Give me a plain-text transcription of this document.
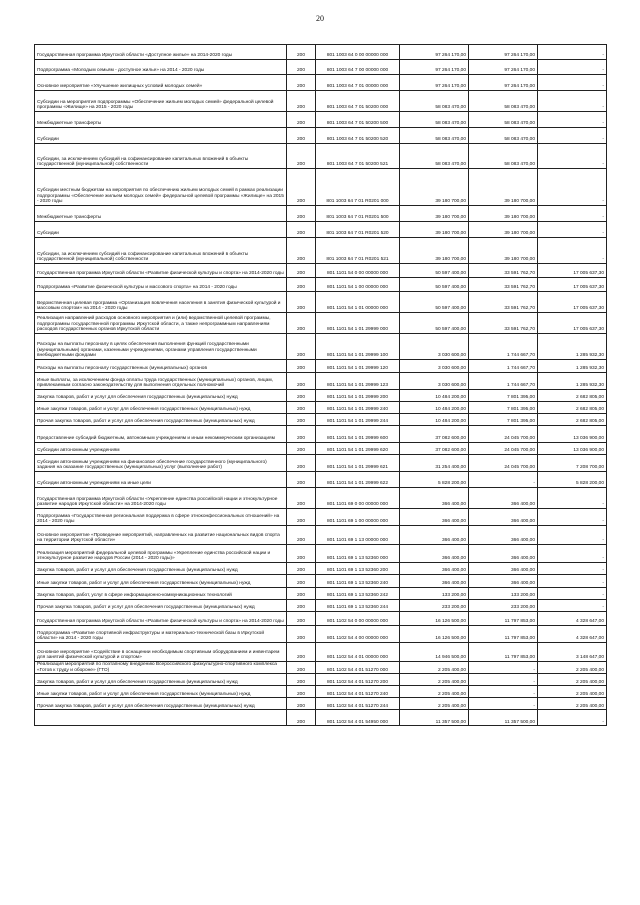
20
Государственная программа Иркутской области «Доступное жилье» на 2014-2020 годы	200	801 1003 64 0 00 00000 000	97 264 170,00	97 264 170,00	-
Подпрограмма «Молодым семьям - доступное жилье» на 2014 - 2020 годы	200	801 1003 64 7 00 00000 000	97 264 170,00	97 264 170,00	-
Основное мероприятие «Улучшение жилищных условий молодых семей»	200	801 1003 64 7 01 00000 000	97 264 170,00	97 264 170,00	-
Субсидии на мероприятия подпрограммы «Обеспечение жильем молодых семей» федеральной целевой программы «Жилище» на 2015 - 2020 годы	200	801 1003 64 7 01 50200 000	58 083 470,00	58 083 470,00	-
Межбюджетные трансферты	200	801 1003 64 7 01 50200 500	58 083 470,00	58 083 470,00	-
Субсидии	200	801 1003 64 7 01 50200 520	58 083 470,00	58 083 470,00	-
Субсидии, за исключением субсидий на софинансирование капитальных вложений в объекты государственной (муниципальной) собственности	200	801 1003 64 7 01 50200 521	58 083 470,00	58 083 470,00	-
Субсидии местным бюджетам на мероприятия по обеспечению жильем молодых семей в рамках реализации подпрограммы «Обеспечение жильем молодых семей» федеральной целевой программы «Жилище» на 2015 - 2020 годы	200	801 1003 64 7 01 R0201 000	39 180 700,00	39 180 700,00	-
Межбюджетные трансферты	200	801 1003 64 7 01 R0201 500	39 180 700,00	39 180 700,00	-
Субсидии	200	801 1003 64 7 01 R0201 520	39 180 700,00	39 180 700,00	-
Субсидии, за исключением субсидий на софинансирование капитальных вложений в объекты государственной (муниципальной) собственности	200	801 1003 64 7 01 R0201 521	39 180 700,00	39 180 700,00	-
Государственная программа Иркутской области «Развитие физической культуры и спорта» на 2014-2020 годы	200	801 1101 54 0 00 00000 000	50 597 400,00	33 591 762,70	17 005 637,30
Подпрограмма «Развитие физической культуры и массового спорта» на 2014 - 2020 годы	200	801 1101 54 1 00 00000 000	50 597 400,00	33 591 762,70	17 005 637,30
Ведомственная целевая программа «Организация вовлечения населения в занятия физической культурой и массовым спортом» на 2014 - 2020 годы	200	801 1101 54 1 01 00000 000	50 597 400,00	33 591 762,70	17 005 637,30
Реализация направлений расходов основного мероприятия и (или) ведомственной целевой программы, подпрограммы государственной программы Иркутской области, а также непрограммным направлениям расходов государственных органов Иркутской области	200	801 1101 54 1 01 29999 000	50 597 400,00	33 591 762,70	17 005 637,30
Расходы на выплаты персоналу в целях обеспечения выполнения функций государственными (муниципальными) органами, казенными учреждениями, органами управления государственными внебюджетными фондами	200	801 1101 54 1 01 29999 100	3 030 600,00	1 744 667,70	1 285 932,30
Расходы на выплаты персоналу государственных (муниципальных) органов	200	801 1101 54 1 01 29999 120	3 030 600,00	1 744 667,70	1 285 932,30
Иные выплаты, за исключением фонда оплаты труда государственных (муниципальных) органов, лицам, привлекаемым согласно законодательству для выполнения отдельных полномочий	200	801 1101 54 1 01 29999 123	3 030 600,00	1 744 667,70	1 285 932,30
Закупка товаров, работ и услуг для обеспечения государственных (муниципальных) нужд	200	801 1101 54 1 01 29999 200	10 484 200,00	7 801 395,00	2 682 805,00
Иные закупки товаров, работ и услуг для обеспечения государственных (муниципальных) нужд	200	801 1101 54 1 01 29999 240	10 484 200,00	7 801 395,00	2 682 805,00
Прочая закупка товаров, работ и услуг для обеспечения государственных (муниципальных) нужд	200	801 1101 54 1 01 29999 244	10 484 200,00	7 801 395,00	2 682 805,00
Предоставление субсидий бюджетным, автономным учреждениям и иным некоммерческим организациям	200	801 1101 54 1 01 29999 600	37 082 600,00	24 045 700,00	13 036 900,00
Субсидии автономным учреждениям	200	801 1101 54 1 01 29999 620	37 082 600,00	24 045 700,00	13 036 900,00
Субсидии автономным учреждениям на финансовое обеспечение государственного (муниципального) задания на оказание государственных (муниципальных) услуг (выполнение работ)	200	801 1101 54 1 01 29999 621	31 254 400,00	24 045 700,00	7 208 700,00
Субсидии автономным учреждениям на иные цели	200	801 1101 54 1 01 29999 622	5 828 200,00	-	5 828 200,00
Государственная программа Иркутской области «Укрепление единства российской нации и этнокультурное развитие народов Иркутской области» на 2014-2020 годы	200	801 1101 69 0 00 00000 000	366 400,00	366 400,00	-
Подпрограмма «Государственная региональная поддержка в сфере этноконфессиональных отношений» на 2014 - 2020 годы	200	801 1101 69 1 00 00000 000	366 400,00	366 400,00	-
Основное мероприятие «Проведение мероприятий, направленных на развитие национальных видов спорта на территории Иркутской области»	200	801 1101 69 1 13 00000 000	366 400,00	366 400,00	-
Реализация мероприятий федеральной целевой программы «Укрепление единства российской нации и этнокультурное развитие народов России (2014 - 2020 годы)»	200	801 1101 69 1 13 52360 000	366 400,00	366 400,00	-
Закупка товаров, работ и услуг для обеспечения государственных (муниципальных) нужд	200	801 1101 69 1 13 52360 200	366 400,00	366 400,00	-
Иные закупки товаров, работ и услуг для обеспечения государственных (муниципальных) нужд	200	801 1101 69 1 13 52360 240	366 400,00	366 400,00	-
Закупка товаров, работ, услуг в сфере информационно-коммуникационных технологий	200	801 1101 69 1 13 52360 242	133 200,00	133 200,00	-
Прочая закупка товаров, работ и услуг для обеспечения государственных (муниципальных) нужд	200	801 1101 69 1 13 52360 244	233 200,00	233 200,00	-
Государственная программа Иркутской области «Развитие физической культуры и спорта» на 2014-2020 годы	200	801 1102 54 0 00 00000 000	16 126 500,00	11 797 853,00	4 328 647,00
Подпрограмма «Развитие спортивной инфраструктуры и материально-технической базы в Иркутской области» на 2014 - 2020 годы	200	801 1102 54 4 00 00000 000	16 126 500,00	11 797 853,00	4 328 647,00
Основное мероприятие «Содействие в оснащении необходимым спортивным оборудованием и инвентарем для занятий физической культурой и спортом»	200	801 1102 54 4 01 00000 000	14 946 500,00	11 797 853,00	3 148 647,00
Реализация мероприятий по поэтапному внедрению Всероссийского физкультурно-спортивного комплекса «Готов к труду и обороне» (ГТО)	200	801 1102 54 4 01 51270 000	2 205 400,00	-	2 205 400,00
Закупка товаров, работ и услуг для обеспечения государственных (муниципальных) нужд	200	801 1102 54 4 01 51270 200	2 205 400,00	-	2 205 400,00
Иные закупки товаров, работ и услуг для обеспечения государственных (муниципальных) нужд	200	801 1102 54 4 01 51270 240	2 205 400,00	-	2 205 400,00
Прочая закупка товаров, работ и услуг для обеспечения государственных (муниципальных) нужд	200	801 1102 54 4 01 51270 244	2 205 400,00	-	2 205 400,00
	200	801 1102 54 4 01 54950 000	11 357 500,00	11 357 500,00	-
